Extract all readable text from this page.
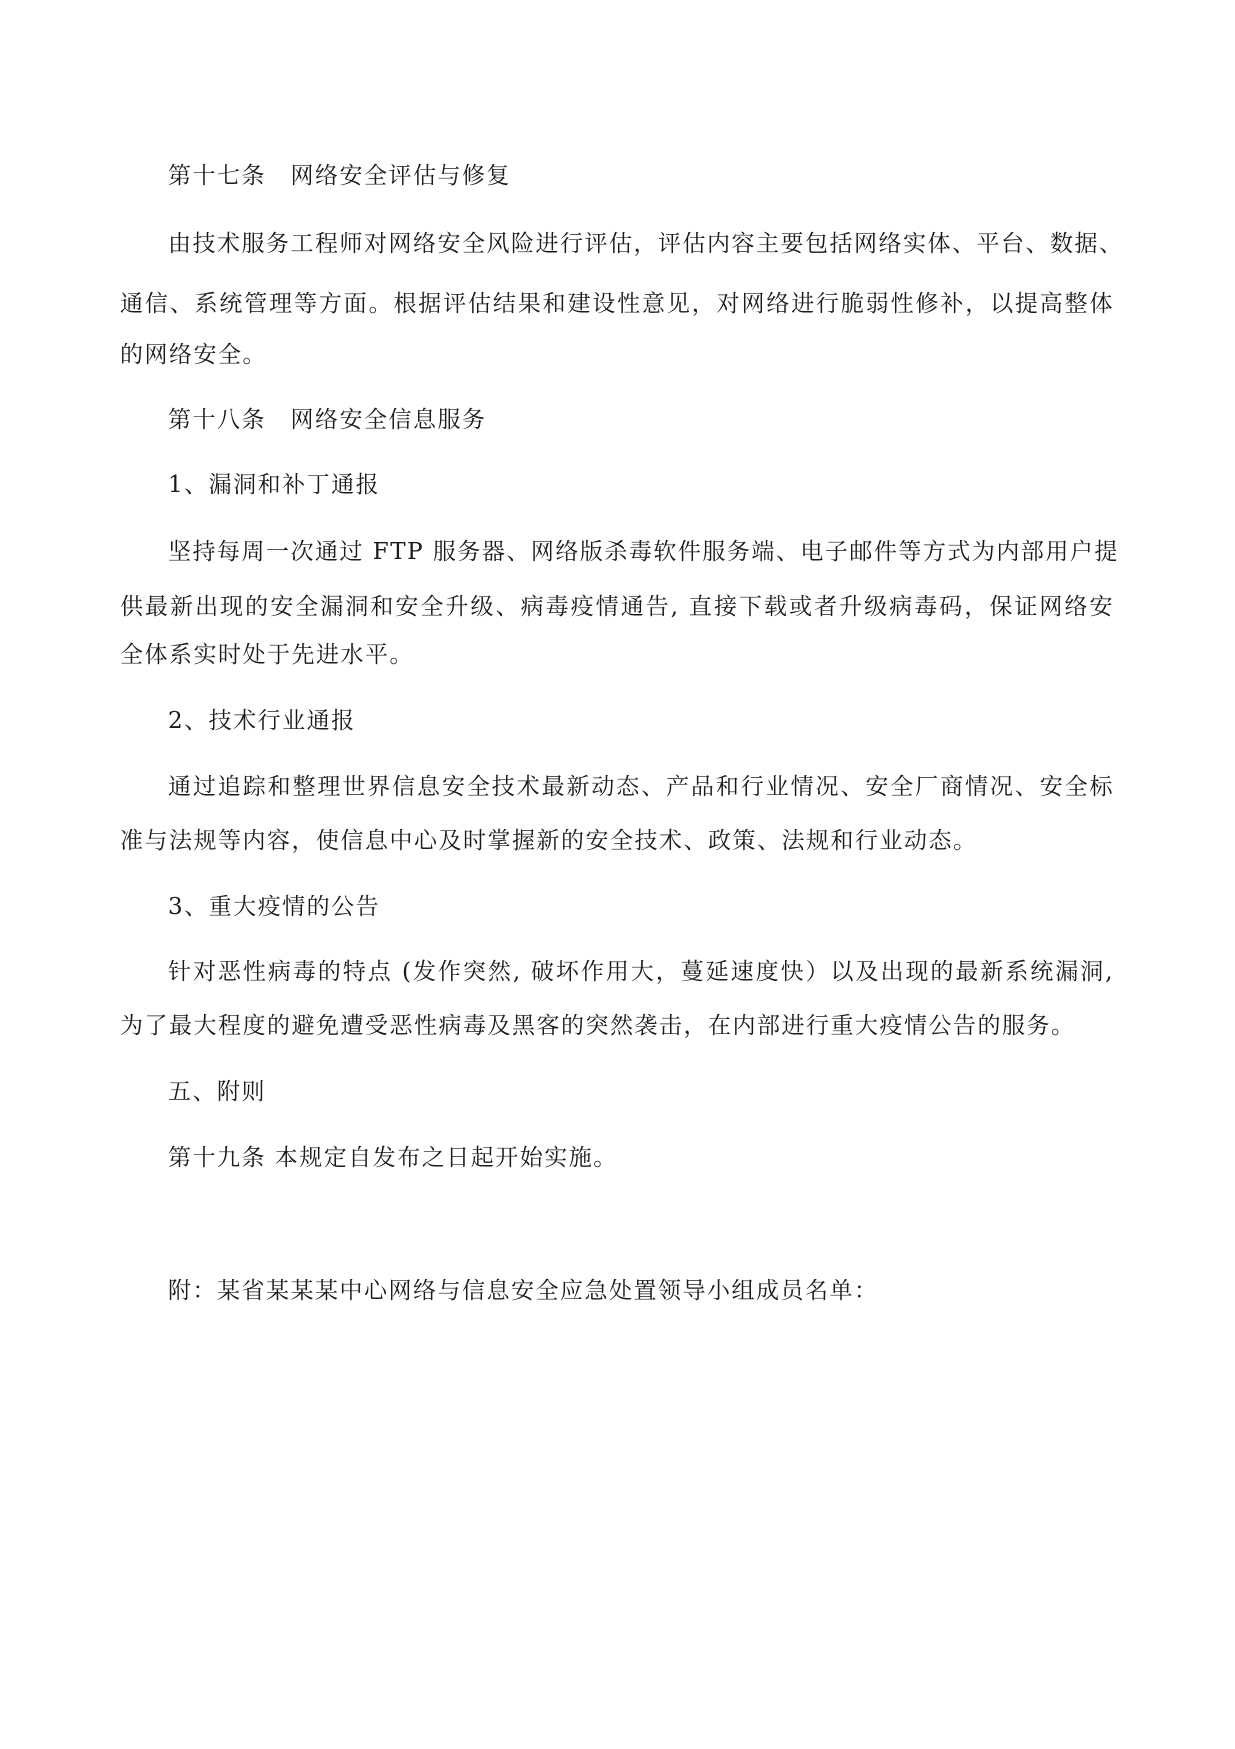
第十七条　网络安全评估与修复
由技术服务工程师对网络安全风险进行评估，评估内容主要包括网络实体、平台、数据、
通信、系统管理等方面。根据评估结果和建设性意见，对网络进行脆弱性修补，以提高整体
的网络安全。
第十八条　网络安全信息服务
1、漏洞和补丁通报
坚持每周一次通过 FTP 服务器、网络版杀毒软件服务端、电子邮件等方式为内部用户提
供最新出现的安全漏洞和安全升级、病毒疫情通告, 直接下载或者升级病毒码，保证网络安
全体系实时处于先进水平。
2、技术行业通报
通过追踪和整理世界信息安全技术最新动态、产品和行业情况、安全厂商情况、安全标
准与法规等内容，使信息中心及时掌握新的安全技术、政策、法规和行业动态。
3、重大疫情的公告
针对恶性病毒的特点 (发作突然, 破坏作用大，蔓延速度快）以及出现的最新系统漏洞,
为了最大程度的避免遭受恶性病毒及黑客的突然袭击，在内部进行重大疫情公告的服务。
五、附则
第十九条 本规定自发布之日起开始实施。
附：某省某某某中心网络与信息安全应急处置领导小组成员名单：
